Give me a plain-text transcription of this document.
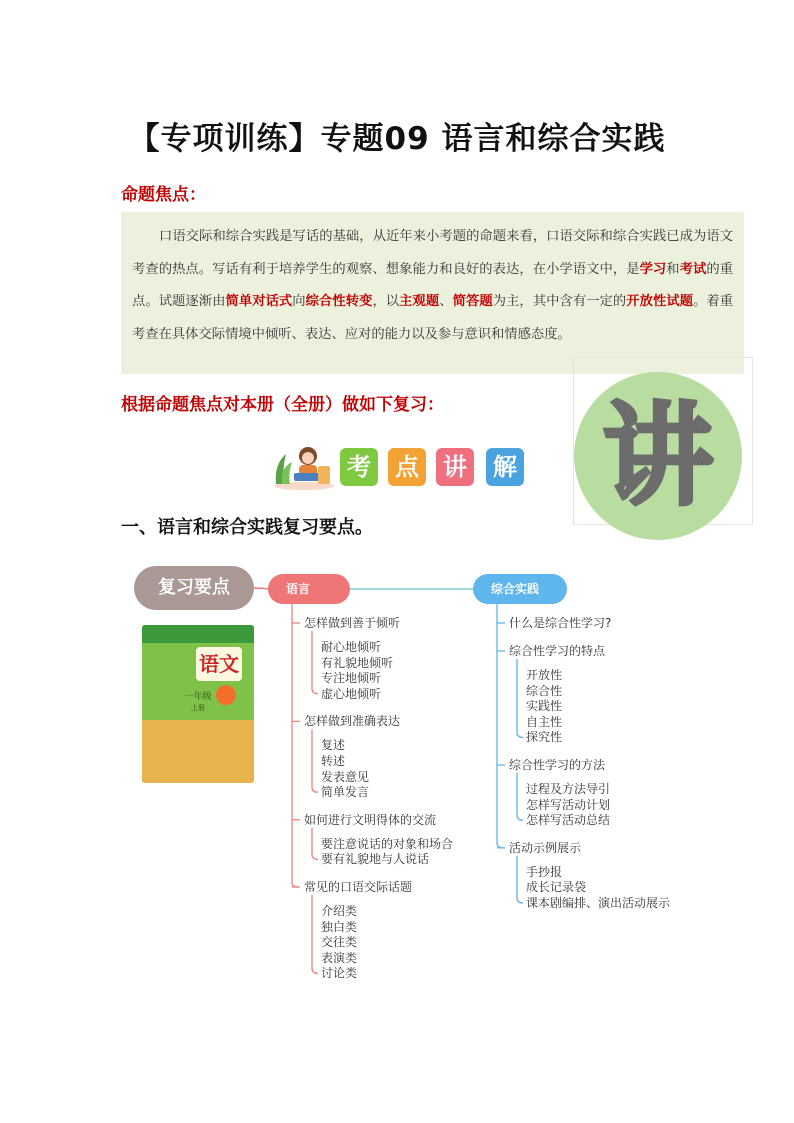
【专项训练】专题09 语言和综合实践
命题焦点：
口语交际和综合实践是写话的基础，从近年来小考题的命题来看，口语交际和综合实践已成为语文考查的热点。写话有利于培养学生的观察、想象能力和良好的表达，在小学语文中，是学习和考试的重点。试题逐渐由简单对话式向综合性转变，以主观题、简答题为主，其中含有一定的开放性试题。着重考查在具体交际情境中倾听、表达、应对的能力以及参与意识和情感态度。
根据命题焦点对本册（全册）做如下复习： 讲
考 点 讲 解
一、语言和综合实践复习要点。
复习要点
语文
一年级
上册
语言	综合实践
怎样做到善于倾听
耐心地倾听
有礼貌地倾听
专注地倾听
虚心地倾听
怎样做到准确表达
复述
转述
发表意见
简单发言
如何进行文明得体的交流
要注意说话的对象和场合
要有礼貌地与人说话
常见的口语交际话题
介绍类
独白类
交往类
表演类
讨论类
什么是综合性学习?
综合性学习的特点
开放性
综合性
实践性
自主性
探究性
综合性学习的方法
过程及方法导引
怎样写活动计划
怎样写活动总结
活动示例展示
手抄报
成长记录袋
课本剧编排、演出活动展示
